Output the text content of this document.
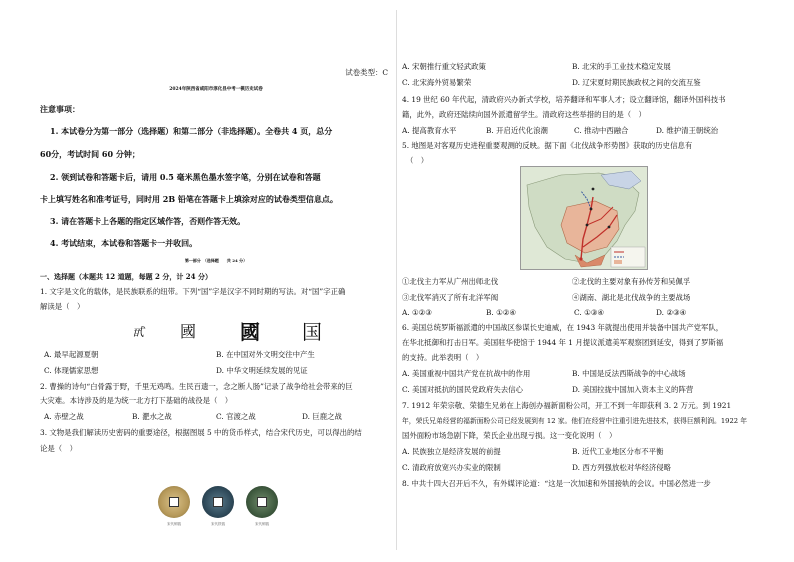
试卷类型：C
2024年陕西省咸阳市淳化县中考一模历史试卷
注意事项：
1. 本试卷分为第一部分（选择题）和第二部分（非选择题）。全卷共 4 页，总分
60分，考试时间 60 分钟；
2. 领到试卷和答题卡后，请用 0.5 毫米黑色墨水签字笔，分别在试卷和答题
卡上填写姓名和准考证号，同时用 2B 铅笔在答题卡上填涂对应的试卷类型信息点。
3. 请在答题卡上各题的指定区域作答，否则作答无效。
4. 考试结束，本试卷和答题卡一并收回。
第一部分　（选择题　　共 24 分）
一、选择题（本题共 12 道题，每题 2 分，计 24 分）
1. 文字是文化的载体，是民族联系的纽带。下列“国”字是汉字不同时期的写法。对“国”字正确
解读是（　）
甙 國 國 国
A. 最早起源夏朝	B. 在中国对外文明交往中产生
C. 体现儒家思想	D. 中华文明延续发展的见证
2. 曹操的诗句“白骨露于野，千里无鸡鸣。生民百遗一，念之断人肠”记录了战争给社会带来的巨
大灾难。本诗涉及的是为统一北方打下基础的战役是（　）
A. 赤壁之战	B. 淝水之战	C. 官渡之战	D. 巨鹿之战
3. 文物是我们解读历史密码的重要途径，根据图展 5 中的货币样式，结合宋代历史，可以得出的结
论是（　）
宋代铜钱	宋代铁钱	宋代铜钱
A. 宋朝推行重文轻武政策	B. 北宋的手工业技术稳定发展
C. 北宋海外贸易繁荣	D. 辽宋夏时期民族政权之间的交流互鉴
4. 19 世纪 60 年代起，清政府兴办新式学校，培养翻译和军事人才；设立翻译馆，翻译外国科技书
籍，此外，政府还陆续向国外派遣留学生。清政府这些举措的目的是（　）
A. 提高教育水平	B. 开启近代化浪潮	C. 推动中西融合	D. 维护清王朝统治
5. 地图是对客观历史进程重要观测的反映。据下面《北伐战争形势图》获取的历史信息有
（　）
①北伐主力军从广州出师北伐	②北伐的主要对象有孙传芳和吴佩孚
③北伐军消灭了所有北洋军阀	④湖南、湖北是北伐战争的主要战场
A. ①②③	B. ①②④	C. ①③④	D. ②③④
6. 美国总统罗斯福派遣的中国战区参谋长史迪威，在 1943 年就提出使用并装备中国共产党军队，
在华北抵御和打击日军。美国驻华使馆于 1944 年 1 月提议派遣美军观察团到延安，得到了罗斯福
的支持。此举表明（　）
A. 美国重视中国共产党在抗战中的作用	B. 中国是反法西斯战争的中心战场
C. 美国对抵抗的国民党政府失去信心	D. 美国拉拢中国加入资本主义的阵营
7. 1912 年荣宗敬、荣德生兄弟在上海创办福新面粉公司，开工不到一年即获利 3. 2 万元。到 1921
年，荣氏兄弟经营的福新面粉公司已经发展到有 12 家。他们在经营中注重引进先进技术，获得巨额利润。1922 年
国外面粉市场急剧下降，荣氏企业出现亏损。这一变化说明（　）
A. 民族独立是经济发展的前提	B. 近代工业地区分布不平衡
C. 清政府放宽兴办实业的限制	D. 西方列强放松对华经济侵略
8. 中共十四大召开后不久，有外媒评论道：“这是一次加速和外国接轨的会议。中国必然进一步
